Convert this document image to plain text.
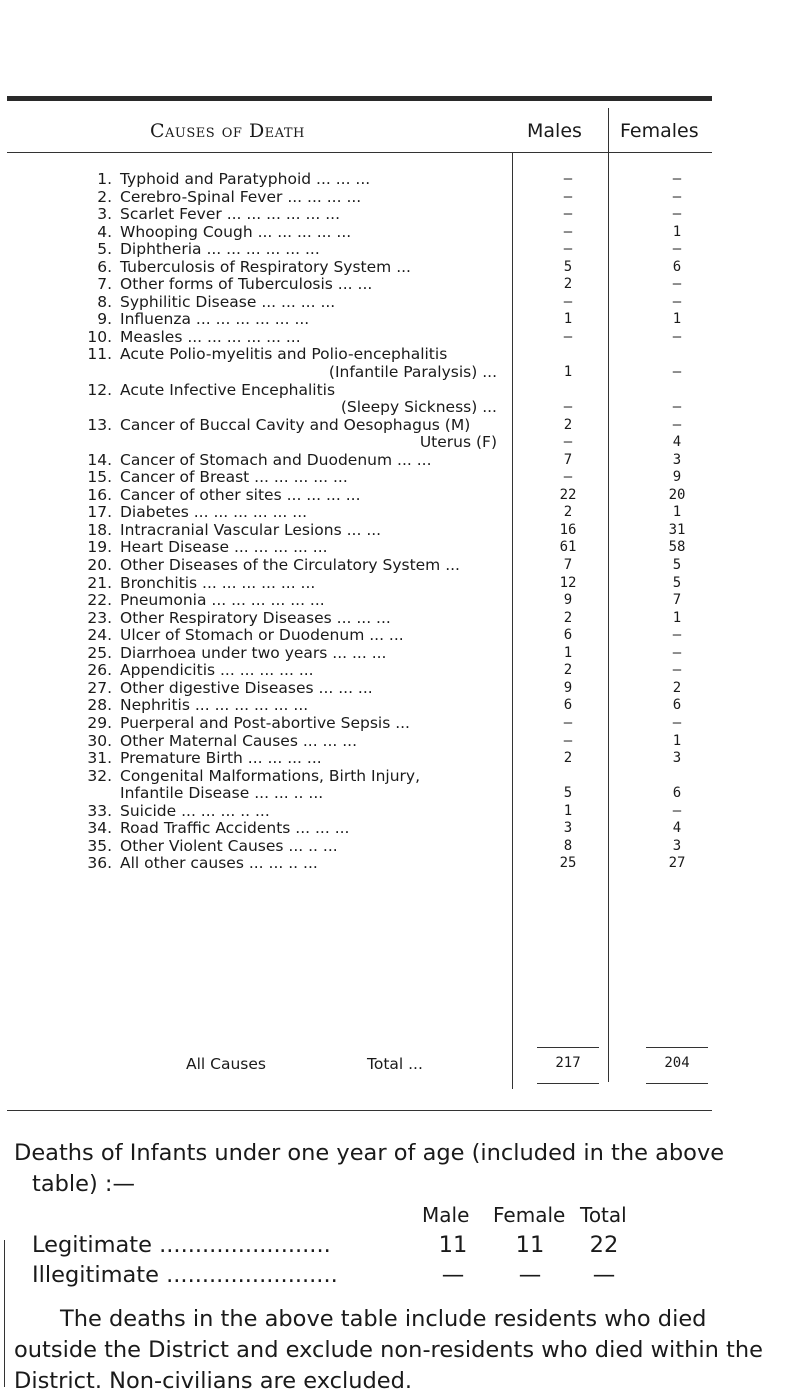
Causes of Death	Males Females
1. Typhoid and Paratyphoid ... ... ...	—	—
2. Cerebro-Spinal Fever ... ... ... ...	—	—
3. Scarlet Fever ... ... ... ... ... ...	—	—
4. Whooping Cough ... ... ... ... ...	—	1
5. Diphtheria ... ... ... ... ... ...	—	—
6. Tuberculosis of Respiratory System ...	5	6
7. Other forms of Tuberculosis ... ...	2	—
8. Syphilitic Disease ... ... ... ...	—	—
9. Influenza ... ... ... ... ... ...	1	1
10. Measles ... ... ... ... ... ...	—	—
11. Acute Polio-myelitis and Polio-encephalitis
(Infantile Paralysis) ...	1	—
12. Acute Infective Encephalitis
(Sleepy Sickness) ...	—	—
13. Cancer of Buccal Cavity and Oesophagus (M)	2	—
Uterus (F)	—	4
14. Cancer of Stomach and Duodenum ... ...	7	3
15. Cancer of Breast ... ... ... ... ...	—	9
16. Cancer of other sites ... ... ... ...	22	20
17. Diabetes ... ... ... ... ... ...	2	1
18. Intracranial Vascular Lesions ... ...	16	31
19. Heart Disease ... ... ... ... ...	61	58
20. Other Diseases of the Circulatory System ...	7	5
21. Bronchitis ... ... ... ... ... ...	12	5
22. Pneumonia ... ... ... ... ... ...	9	7
23. Other Respiratory Diseases ... ... ...	2	1
24. Ulcer of Stomach or Duodenum ... ...	6	—
25. Diarrhoea under two years ... ... ...	1	—
26. Appendicitis ... ... ... ... ...	2	—
27. Other digestive Diseases ... ... ...	9	2
28. Nephritis ... ... ... ... ... ...	6	6
29. Puerperal and Post-abortive Sepsis ...	—	—
30. Other Maternal Causes ... ... ...	—	1
31. Premature Birth ... ... ... ...	2	3
32. Congenital Malformations, Birth Injury,
Infantile Disease ... ... .. ...	5	6
33. Suicide ... ... ... .. ...	1	—
34. Road Traffic Accidents ... ... ...	3	4
35. Other Violent Causes ... .. ...	8	3
36. All other causes ... ... .. ...	25	27
All Causes	Total ...	217	204
Deaths of Infants under one year of age (included in the above
table) :—
Male Female Total
Legitimate ........................	11	11	22
Illegitimate ........................	—	—	—
The deaths in the above table include residents who died outside the District and exclude non-residents who died within the District. Non-civilians are excluded.
